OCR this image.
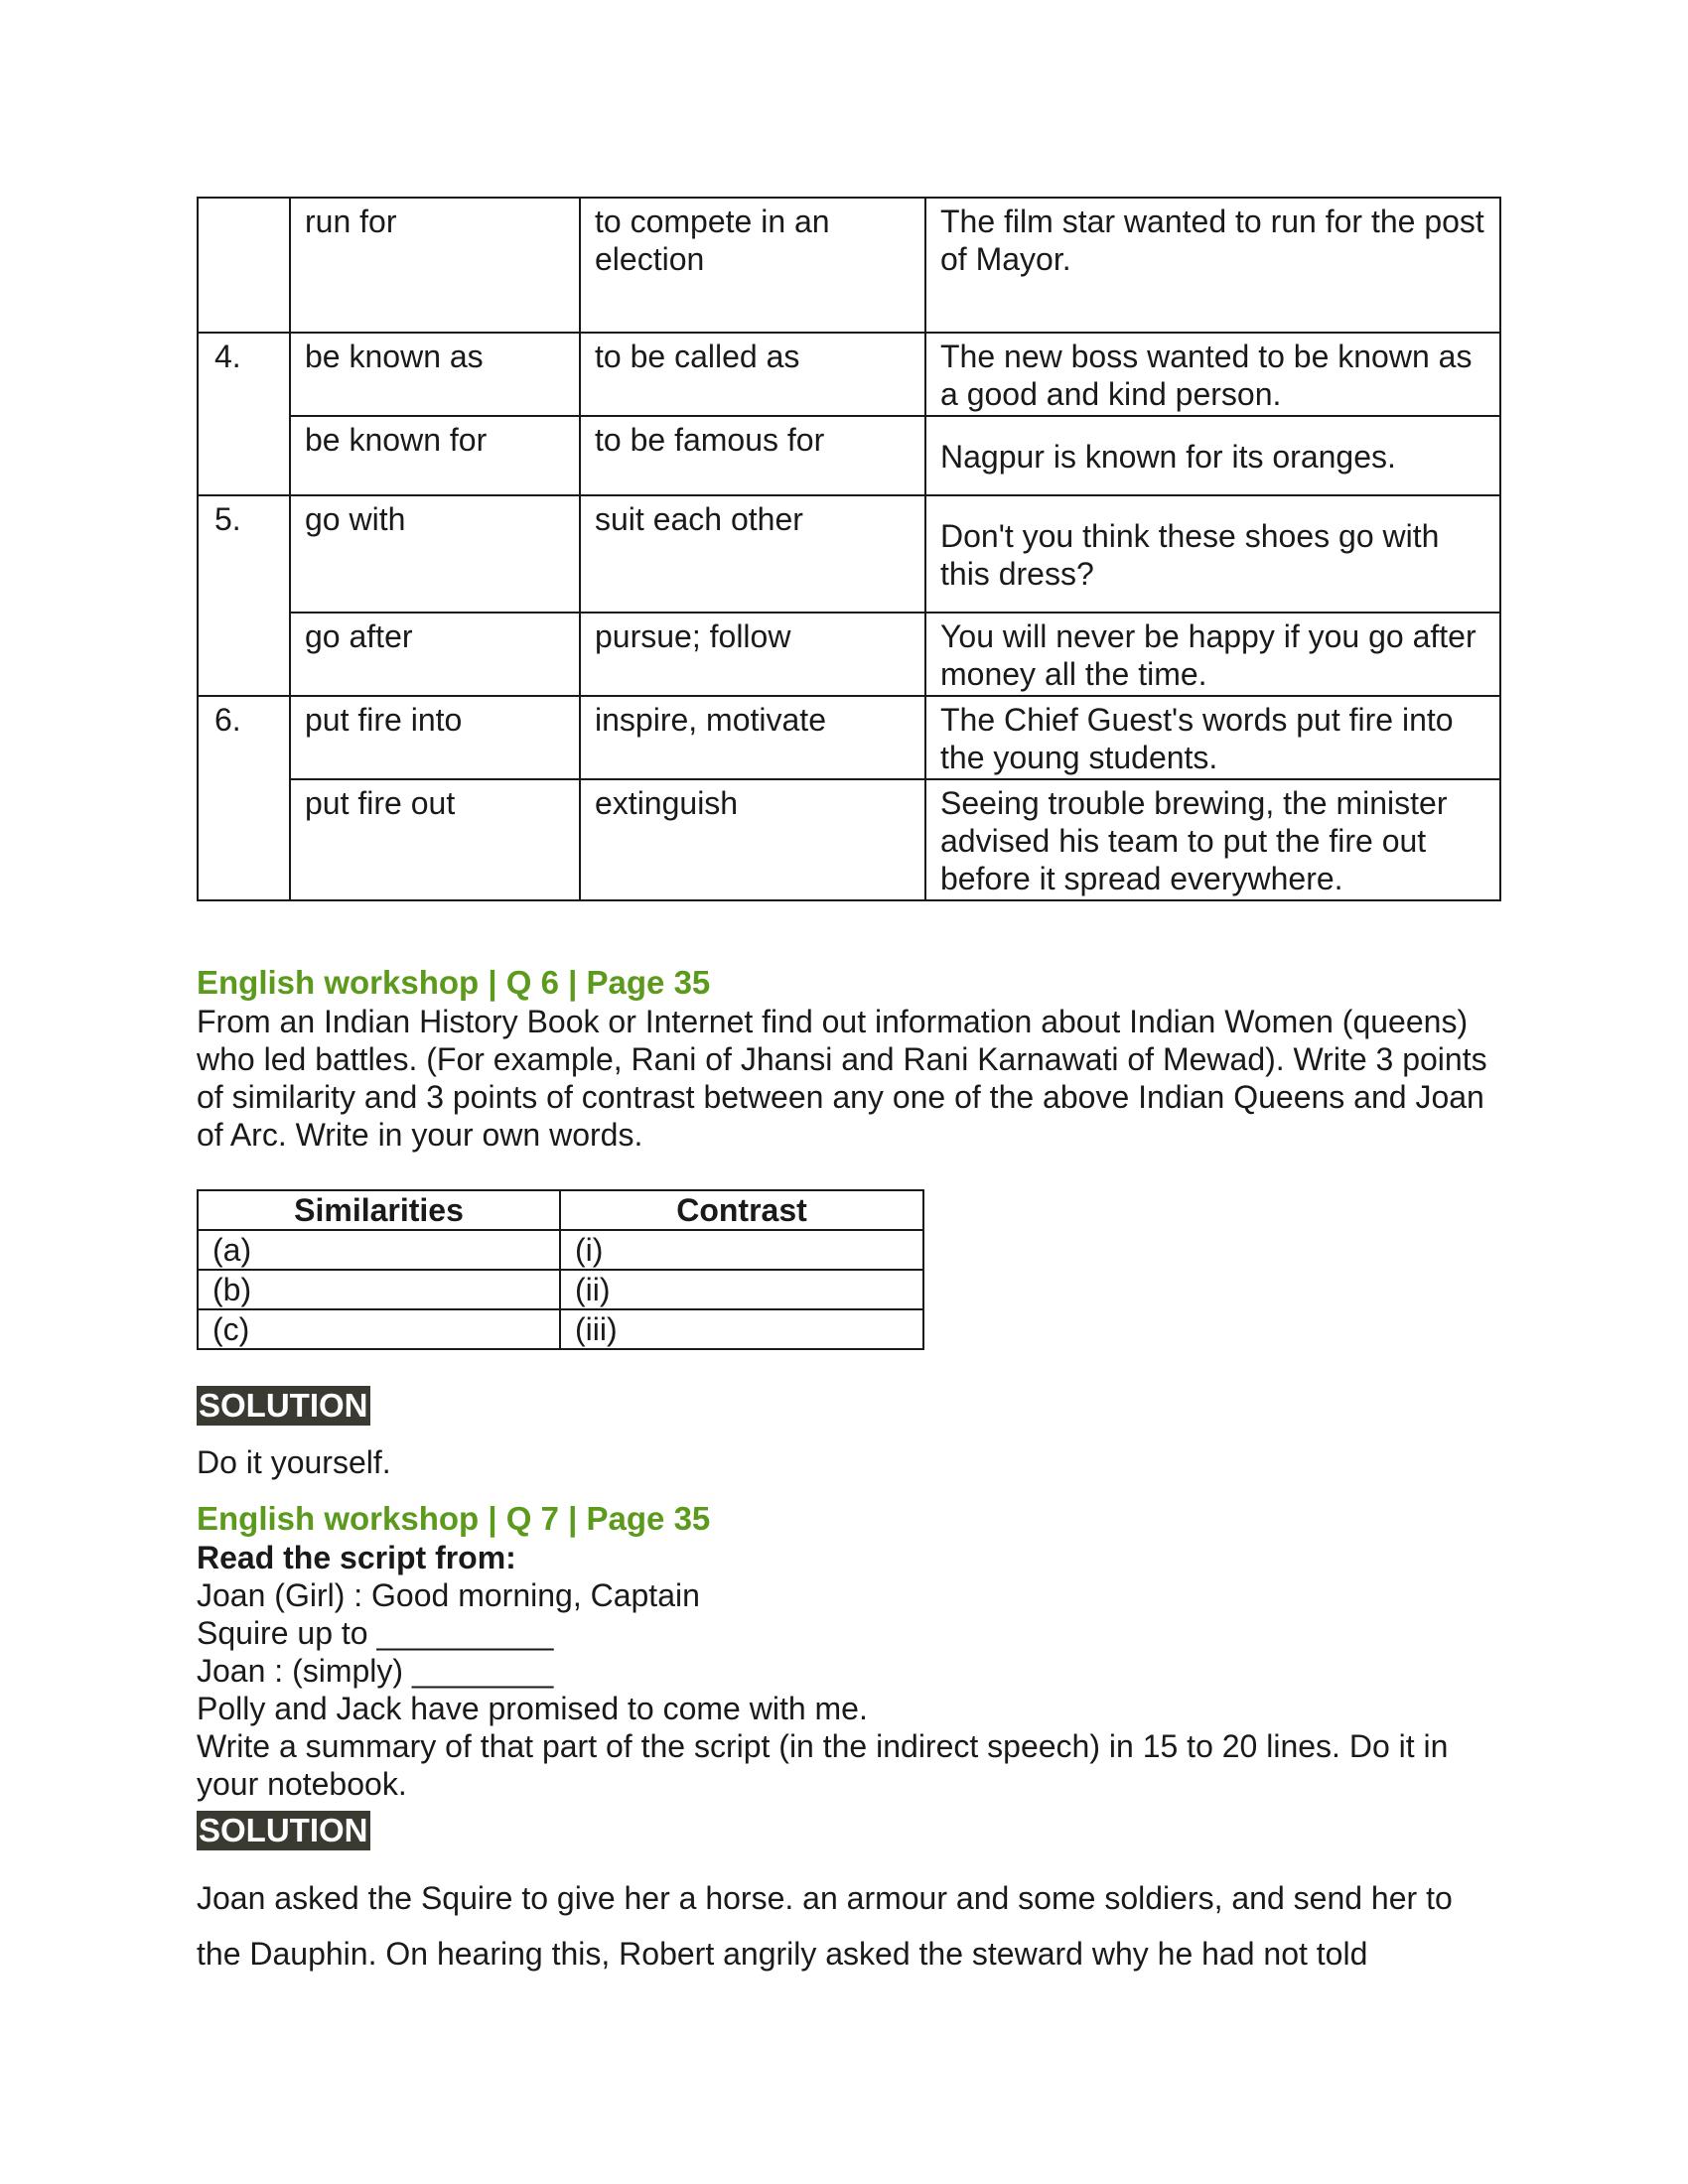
	run for	to compete in an election	The film star wanted to run for the post of Mayor.
4.	be known as	to be called as	The new boss wanted to be known as a good and kind person.
	be known for	to be famous for	Nagpur is known for its oranges.
5.	go with	suit each other	Don't you think these shoes go with this dress?
	go after	pursue; follow	You will never be happy if you go after money all the time.
6.	put fire into	inspire, motivate	The Chief Guest's words put fire into the young students.
	put fire out	extinguish	Seeing trouble brewing, the minister advised his team to put the fire out before it spread everywhere.

English workshop | Q 6 | Page 35

From an Indian History Book or Internet find out information about Indian Women (queens) who led battles. (For example, Rani of Jhansi and Rani Karnawati of Mewad). Write 3 points of similarity and 3 points of contrast between any one of the above Indian Queens and Joan of Arc. Write in your own words.

Similarities	Contrast
(a)	(i)
(b)	(ii)
(c)	(iii)
SOLUTION

Do it yourself.

English workshop | Q 7 | Page 35

Read the script from:

Joan (Girl) : Good morning, Captain

Squire up to __________

Joan : (simply) ________

Polly and Jack have promised to come with me.

Write a summary of that part of the script (in the indirect speech) in 15 to 20 lines. Do it in your notebook.

SOLUTION

Joan asked the Squire to give her a horse. an armour and some soldiers, and send her to the Dauphin. On hearing this, Robert angrily asked the steward why he had not told
